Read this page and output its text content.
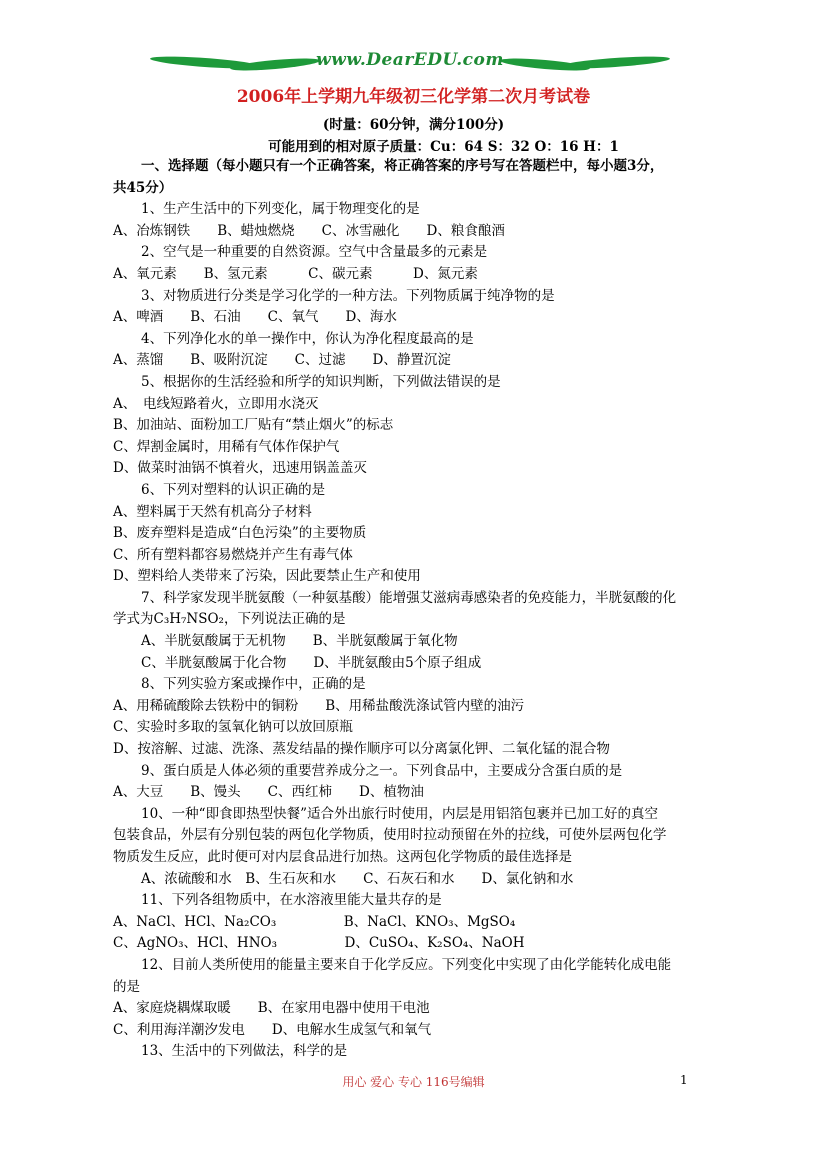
www.DearEDU.com
2006年上学期九年级初三化学第二次月考试卷
(时量：60分钟，满分100分)
可能用到的相对原子质量：Cu：64 S：32 O：16 H：1
一、选择题（每小题只有一个正确答案，将正确答案的序号写在答题栏中，每小题3分，
共45分）
1、生产生活中的下列变化，属于物理变化的是
A、冶炼钢铁　　B、蜡烛燃烧　　C、冰雪融化　　D、粮食酿酒
2、空气是一种重要的自然资源。空气中含量最多的元素是
A、氧元素　　B、氢元素　　　C、碳元素　　　D、氮元素
3、对物质进行分类是学习化学的一种方法。下列物质属于纯净物的是
A、啤酒　　B、石油　　C、氧气　　D、海水
4、下列净化水的单一操作中，你认为净化程度最高的是
A、蒸馏　　B、吸附沉淀　　C、过滤　　D、静置沉淀
5、根据你的生活经验和所学的知识判断，下列做法错误的是
A、　电线短路着火，立即用水浇灭
B、加油站、面粉加工厂贴有“禁止烟火”的标志
C、焊割金属时，用稀有气体作保护气
D、做菜时油锅不慎着火，迅速用锅盖盖灭
6、下列对塑料的认识正确的是
A、塑料属于天然有机高分子材料
B、废弃塑料是造成“白色污染”的主要物质
C、所有塑料都容易燃烧并产生有毒气体
D、塑料给人类带来了污染，因此要禁止生产和使用
7、科学家发现半胱氨酸（一种氨基酸）能增强艾滋病毒感染者的免疫能力，半胱氨酸的化
学式为C₃H₇NSO₂，下列说法正确的是
A、半胱氨酸属于无机物　　B、半胱氨酸属于氧化物
C、半胱氨酸属于化合物　　D、半胱氨酸由5个原子组成
8、下列实验方案或操作中，正确的是
A、用稀硫酸除去铁粉中的铜粉　　B、用稀盐酸洗涤试管内壁的油污
C、实验时多取的氢氧化钠可以放回原瓶
D、按溶解、过滤、洗涤、蒸发结晶的操作顺序可以分离氯化钾、二氧化锰的混合物
9、蛋白质是人体必须的重要营养成分之一。下列食品中，主要成分含蛋白质的是
A、大豆　　B、馒头　　C、西红柿　　D、植物油
10、一种“即食即热型快餐”适合外出旅行时使用，内层是用铝箔包裹并已加工好的真空
包装食品，外层有分别包装的两包化学物质，使用时拉动预留在外的拉线，可使外层两包化学
物质发生反应，此时便可对内层食品进行加热。这两包化学物质的最佳选择是
A、浓硫酸和水　B、生石灰和水　　C、石灰石和水　　D、氯化钠和水
11、下列各组物质中，在水溶液里能大量共存的是
A、NaCl、HCl、Na₂CO₃　　　　　B、NaCl、KNO₃、MgSO₄
C、AgNO₃、HCl、HNO₃　　　　　D、CuSO₄、K₂SO₄、NaOH
12、目前人类所使用的能量主要来自于化学反应。下列变化中实现了由化学能转化成电能
的是
A、家庭烧耦煤取暖　　B、在家用电器中使用干电池
C、利用海洋潮汐发电　　D、电解水生成氢气和氧气
13、生活中的下列做法，科学的是
用心 爱心 专心 116号编辑	1
